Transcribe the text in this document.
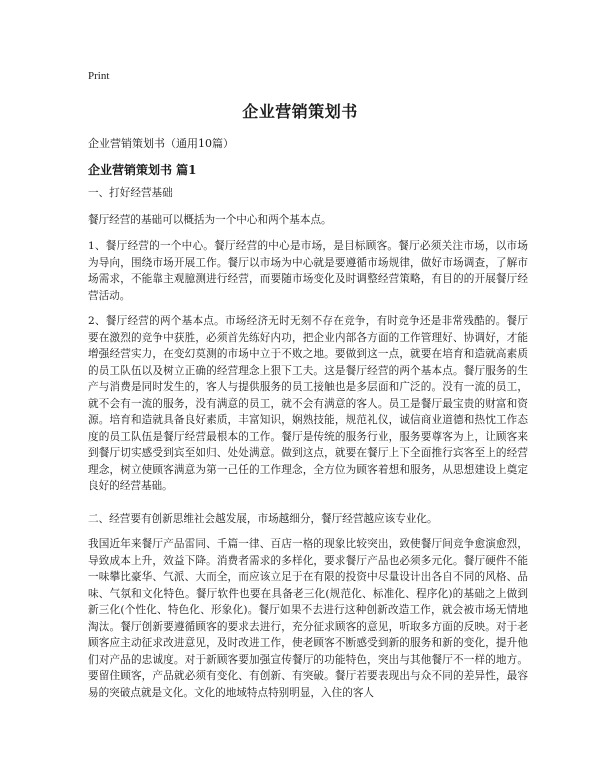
Print
企业营销策划书
企业营销策划书（通用10篇）
企业营销策划书 篇1

一、打好经营基础

餐厅经营的基础可以概括为一个中心和两个基本点。

1、餐厅经营的一个中心。餐厅经营的中心是市场，是目标顾客。餐厅必须关注市场，以市场为导向，围绕市场开展工作。餐厅以市场为中心就是要遵循市场规律，做好市场调查，了解市场需求，不能靠主观臆测进行经营，而要随市场变化及时调整经营策略，有目的的开展餐厅经营活动。

2、餐厅经营的两个基本点。市场经济无时无刻不存在竞争，有时竞争还是非常残酷的。餐厅要在激烈的竞争中获胜，必须首先练好内功，把企业内部各方面的工作管理好、协调好，才能增强经营实力，在变幻莫测的市场中立于不败之地。要做到这一点，就要在培育和造就高素质的员工队伍以及树立正确的经营理念上狠下工夫。这是餐厅经营的两个基本点。餐厅服务的生产与消费是同时发生的，客人与提供服务的员工接触也是多层面和广泛的。没有一流的员工，就不会有一流的服务，没有满意的员工，就不会有满意的客人。员工是餐厅最宝贵的财富和资源。培育和造就具备良好素质，丰富知识，娴熟技能，规范礼仪，诚信商业道德和热忱工作态度的员工队伍是餐厅经营最根本的工作。餐厅是传统的服务行业，服务要尊客为上，让顾客来到餐厅切实感受到宾至如归、处处满意。做到这点，就要在餐厅上下全面推行宾客至上的经营理念，树立使顾客满意为第一己任的工作理念，全方位为顾客着想和服务，从思想建设上奠定良好的经营基础。

二、经营要有创新思维社会越发展，市场越细分，餐厅经营越应该专业化。

我国近年来餐厅产品雷同、千篇一律、百店一格的现象比较突出，致使餐厅间竞争愈演愈烈，导致成本上升，效益下降。消费者需求的多样化，要求餐厅产品也必须多元化。餐厅硬件不能一味攀比豪华、气派、大而全，而应该立足于在有限的投资中尽量设计出各自不同的风格、品味、气氛和文化特色。餐厅软件也要在具备老三化(规范化、标准化、程序化)的基础之上做到新三化(个性化、特色化、形象化)。餐厅如果不去进行这种创新改造工作，就会被市场无情地淘汰。餐厅创新要遵循顾客的要求去进行，充分征求顾客的意见，听取多方面的反映。对于老顾客应主动征求改进意见，及时改进工作，使老顾客不断感受到新的服务和新的变化，提升他们对产品的忠诚度。对于新顾客要加强宣传餐厅的功能特色，突出与其他餐厅不一样的地方。要留住顾客，产品就必须有变化、有创新、有突破。餐厅若要表现出与众不同的差异性，最容易的突破点就是文化。文化的地域特点特别明显，入住的客人
